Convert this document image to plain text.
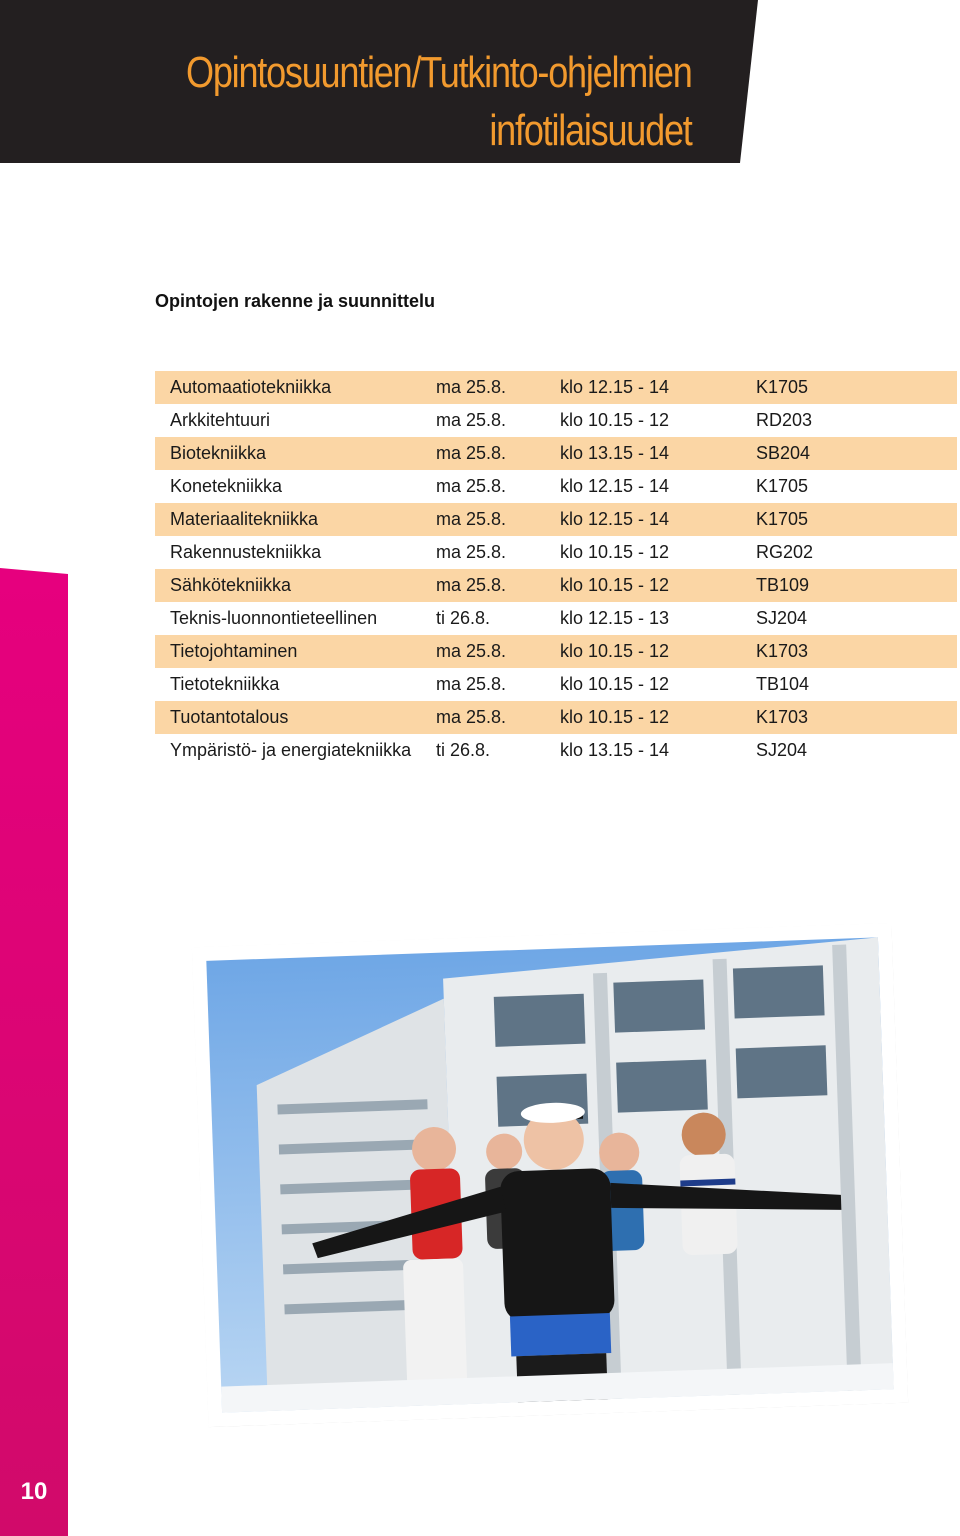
Opintosuuntien/Tutkinto-ohjelmien
infotilaisuudet
Opintojen rakenne ja suunnittelu
Automaatiotekniikka	ma 25.8.	klo 12.15 - 14	K1705
Arkkitehtuuri	ma 25.8.	klo 10.15 - 12	RD203
Biotekniikka	ma 25.8.	klo 13.15 - 14	SB204
Konetekniikka	ma 25.8.	klo 12.15 - 14	K1705
Materiaalitekniikka	ma 25.8.	klo 12.15 - 14	K1705
Rakennustekniikka	ma 25.8.	klo 10.15 - 12	RG202
Sähkötekniikka	ma 25.8.	klo 10.15 - 12	TB109
Teknis-luonnontieteellinen	ti 26.8.	klo 12.15 - 13	SJ204
Tietojohtaminen	ma 25.8.	klo 10.15 - 12	K1703
Tietotekniikka	ma 25.8.	klo 10.15 - 12	TB104
Tuotantotalous	ma 25.8.	klo 10.15 - 12	K1703
Ympäristö- ja energiatekniikka	ti 26.8.	klo 13.15 - 14	SJ204
10
